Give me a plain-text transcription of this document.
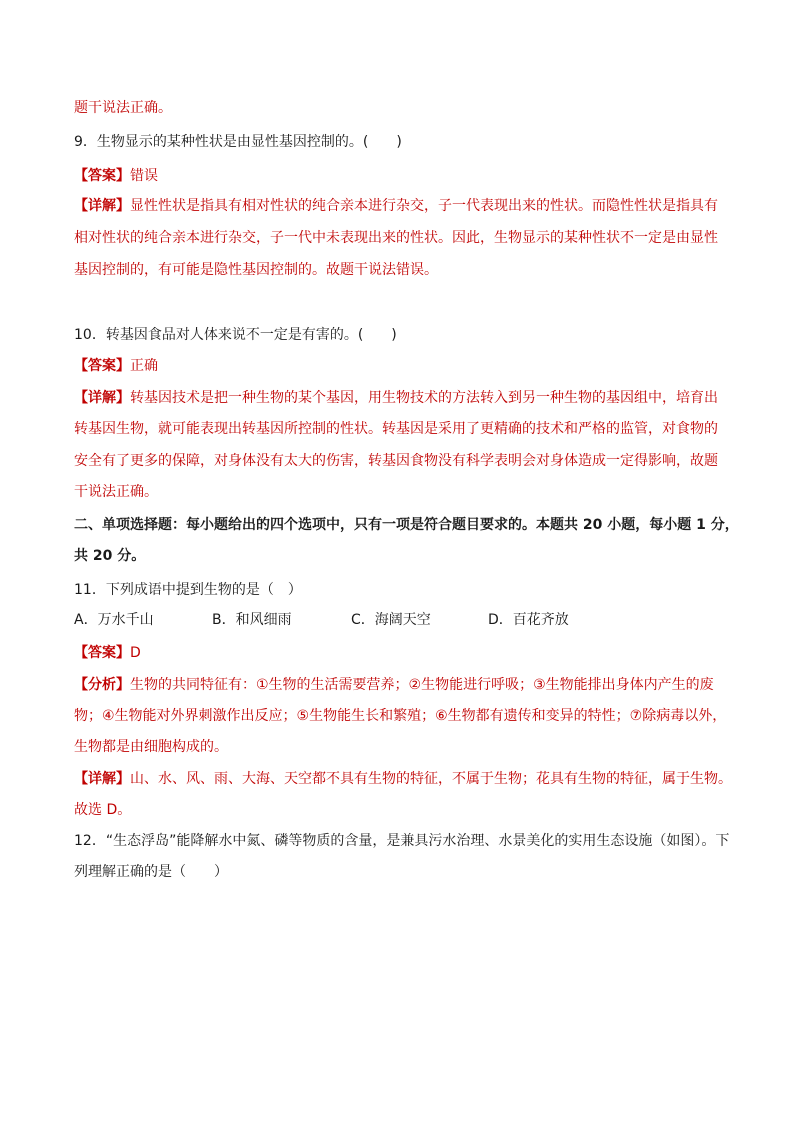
题干说法正确。
9．生物显示的某种性状是由显性基因控制的。(　　)
【答案】错误
【详解】显性性状是指具有相对性状的纯合亲本进行杂交，子一代表现出来的性状。而隐性性状是指具有
相对性状的纯合亲本进行杂交，子一代中未表现出来的性状。因此，生物显示的某种性状不一定是由显性
基因控制的，有可能是隐性基因控制的。故题干说法错误。
10．转基因食品对人体来说不一定是有害的。(　　)
【答案】正确
【详解】转基因技术是把一种生物的某个基因，用生物技术的方法转入到另一种生物的基因组中，培育出
转基因生物，就可能表现出转基因所控制的性状。转基因是采用了更精确的技术和严格的监管，对食物的
安全有了更多的保障，对身体没有太大的伤害，转基因食物没有科学表明会对身体造成一定得影响，故题
干说法正确。
二、单项选择题：每小题给出的四个选项中，只有一项是符合题目要求的。本题共 20 小题，每小题 1 分，
共 20 分。
11．下列成语中提到生物的是（　）
A．万水千山	B．和风细雨	C．海阔天空	D．百花齐放
【答案】D
【分析】生物的共同特征有：①生物的生活需要营养；②生物能进行呼吸；③生物能排出身体内产生的废
物；④生物能对外界刺激作出反应；⑤生物能生长和繁殖；⑥生物都有遗传和变异的特性；⑦除病毒以外，
生物都是由细胞构成的。
【详解】山、水、风、雨、大海、天空都不具有生物的特征，不属于生物；花具有生物的特征，属于生物。
故选 D。
12．“生态浮岛”能降解水中氮、磷等物质的含量，是兼具污水治理、水景美化的实用生态设施（如图）。下
列理解正确的是（　　）
